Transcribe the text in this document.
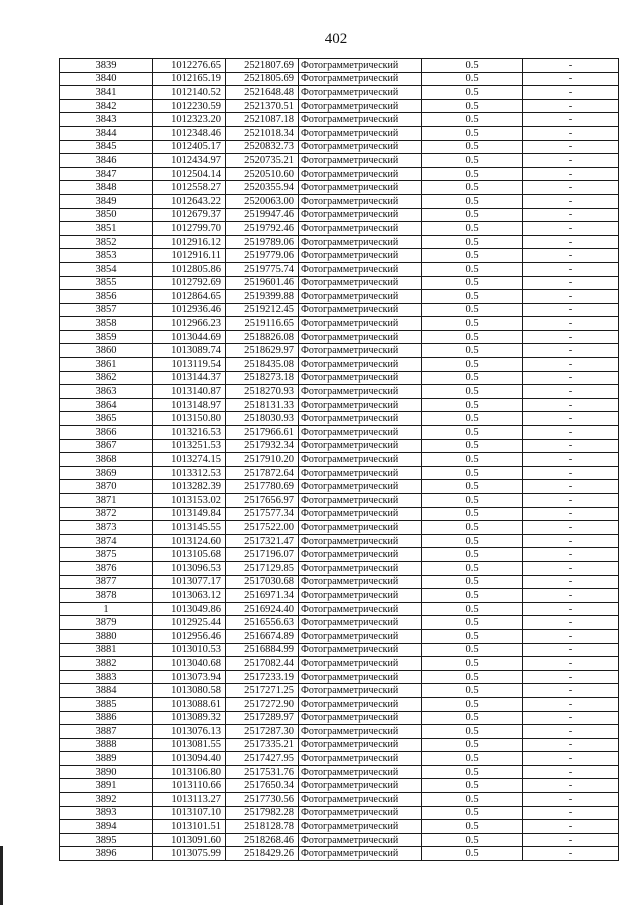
402
3839	1012276.65	2521807.69	Фотограмметрический	0.5	-
3840	1012165.19	2521805.69	Фотограмметрический	0.5	-
3841	1012140.52	2521648.48	Фотограмметрический	0.5	-
3842	1012230.59	2521370.51	Фотограмметрический	0.5	-
3843	1012323.20	2521087.18	Фотограмметрический	0.5	-
3844	1012348.46	2521018.34	Фотограмметрический	0.5	-
3845	1012405.17	2520832.73	Фотограмметрический	0.5	-
3846	1012434.97	2520735.21	Фотограмметрический	0.5	-
3847	1012504.14	2520510.60	Фотограмметрический	0.5	-
3848	1012558.27	2520355.94	Фотограмметрический	0.5	-
3849	1012643.22	2520063.00	Фотограмметрический	0.5	-
3850	1012679.37	2519947.46	Фотограмметрический	0.5	-
3851	1012799.70	2519792.46	Фотограмметрический	0.5	-
3852	1012916.12	2519789.06	Фотограмметрический	0.5	-
3853	1012916.11	2519779.06	Фотограмметрический	0.5	-
3854	1012805.86	2519775.74	Фотограмметрический	0.5	-
3855	1012792.69	2519601.46	Фотограмметрический	0.5	-
3856	1012864.65	2519399.88	Фотограмметрический	0.5	-
3857	1012936.46	2519212.45	Фотограмметрический	0.5	-
3858	1012966.23	2519116.65	Фотограмметрический	0.5	-
3859	1013044.69	2518826.08	Фотограмметрический	0.5	-
3860	1013089.74	2518629.97	Фотограмметрический	0.5	-
3861	1013119.54	2518435.08	Фотограмметрический	0.5	-
3862	1013144.37	2518273.18	Фотограмметрический	0.5	-
3863	1013140.87	2518270.93	Фотограмметрический	0.5	-
3864	1013148.97	2518131.33	Фотограмметрический	0.5	-
3865	1013150.80	2518030.93	Фотограмметрический	0.5	-
3866	1013216.53	2517966.61	Фотограмметрический	0.5	-
3867	1013251.53	2517932.34	Фотограмметрический	0.5	-
3868	1013274.15	2517910.20	Фотограмметрический	0.5	-
3869	1013312.53	2517872.64	Фотограмметрический	0.5	-
3870	1013282.39	2517780.69	Фотограмметрический	0.5	-
3871	1013153.02	2517656.97	Фотограмметрический	0.5	-
3872	1013149.84	2517577.34	Фотограмметрический	0.5	-
3873	1013145.55	2517522.00	Фотограмметрический	0.5	-
3874	1013124.60	2517321.47	Фотограмметрический	0.5	-
3875	1013105.68	2517196.07	Фотограмметрический	0.5	-
3876	1013096.53	2517129.85	Фотограмметрический	0.5	-
3877	1013077.17	2517030.68	Фотограмметрический	0.5	-
3878	1013063.12	2516971.34	Фотограмметрический	0.5	-
1	1013049.86	2516924.40	Фотограмметрический	0.5	-
3879	1012925.44	2516556.63	Фотограмметрический	0.5	-
3880	1012956.46	2516674.89	Фотограмметрический	0.5	-
3881	1013010.53	2516884.99	Фотограмметрический	0.5	-
3882	1013040.68	2517082.44	Фотограмметрический	0.5	-
3883	1013073.94	2517233.19	Фотограмметрический	0.5	-
3884	1013080.58	2517271.25	Фотограмметрический	0.5	-
3885	1013088.61	2517272.90	Фотограмметрический	0.5	-
3886	1013089.32	2517289.97	Фотограмметрический	0.5	-
3887	1013076.13	2517287.30	Фотограмметрический	0.5	-
3888	1013081.55	2517335.21	Фотограмметрический	0.5	-
3889	1013094.40	2517427.95	Фотограмметрический	0.5	-
3890	1013106.80	2517531.76	Фотограмметрический	0.5	-
3891	1013110.66	2517650.34	Фотограмметрический	0.5	-
3892	1013113.27	2517730.56	Фотограмметрический	0.5	-
3893	1013107.10	2517982.28	Фотограмметрический	0.5	-
3894	1013101.51	2518128.78	Фотограмметрический	0.5	-
3895	1013091.60	2518268.46	Фотограмметрический	0.5	-
3896	1013075.99	2518429.26	Фотограмметрический	0.5	-
